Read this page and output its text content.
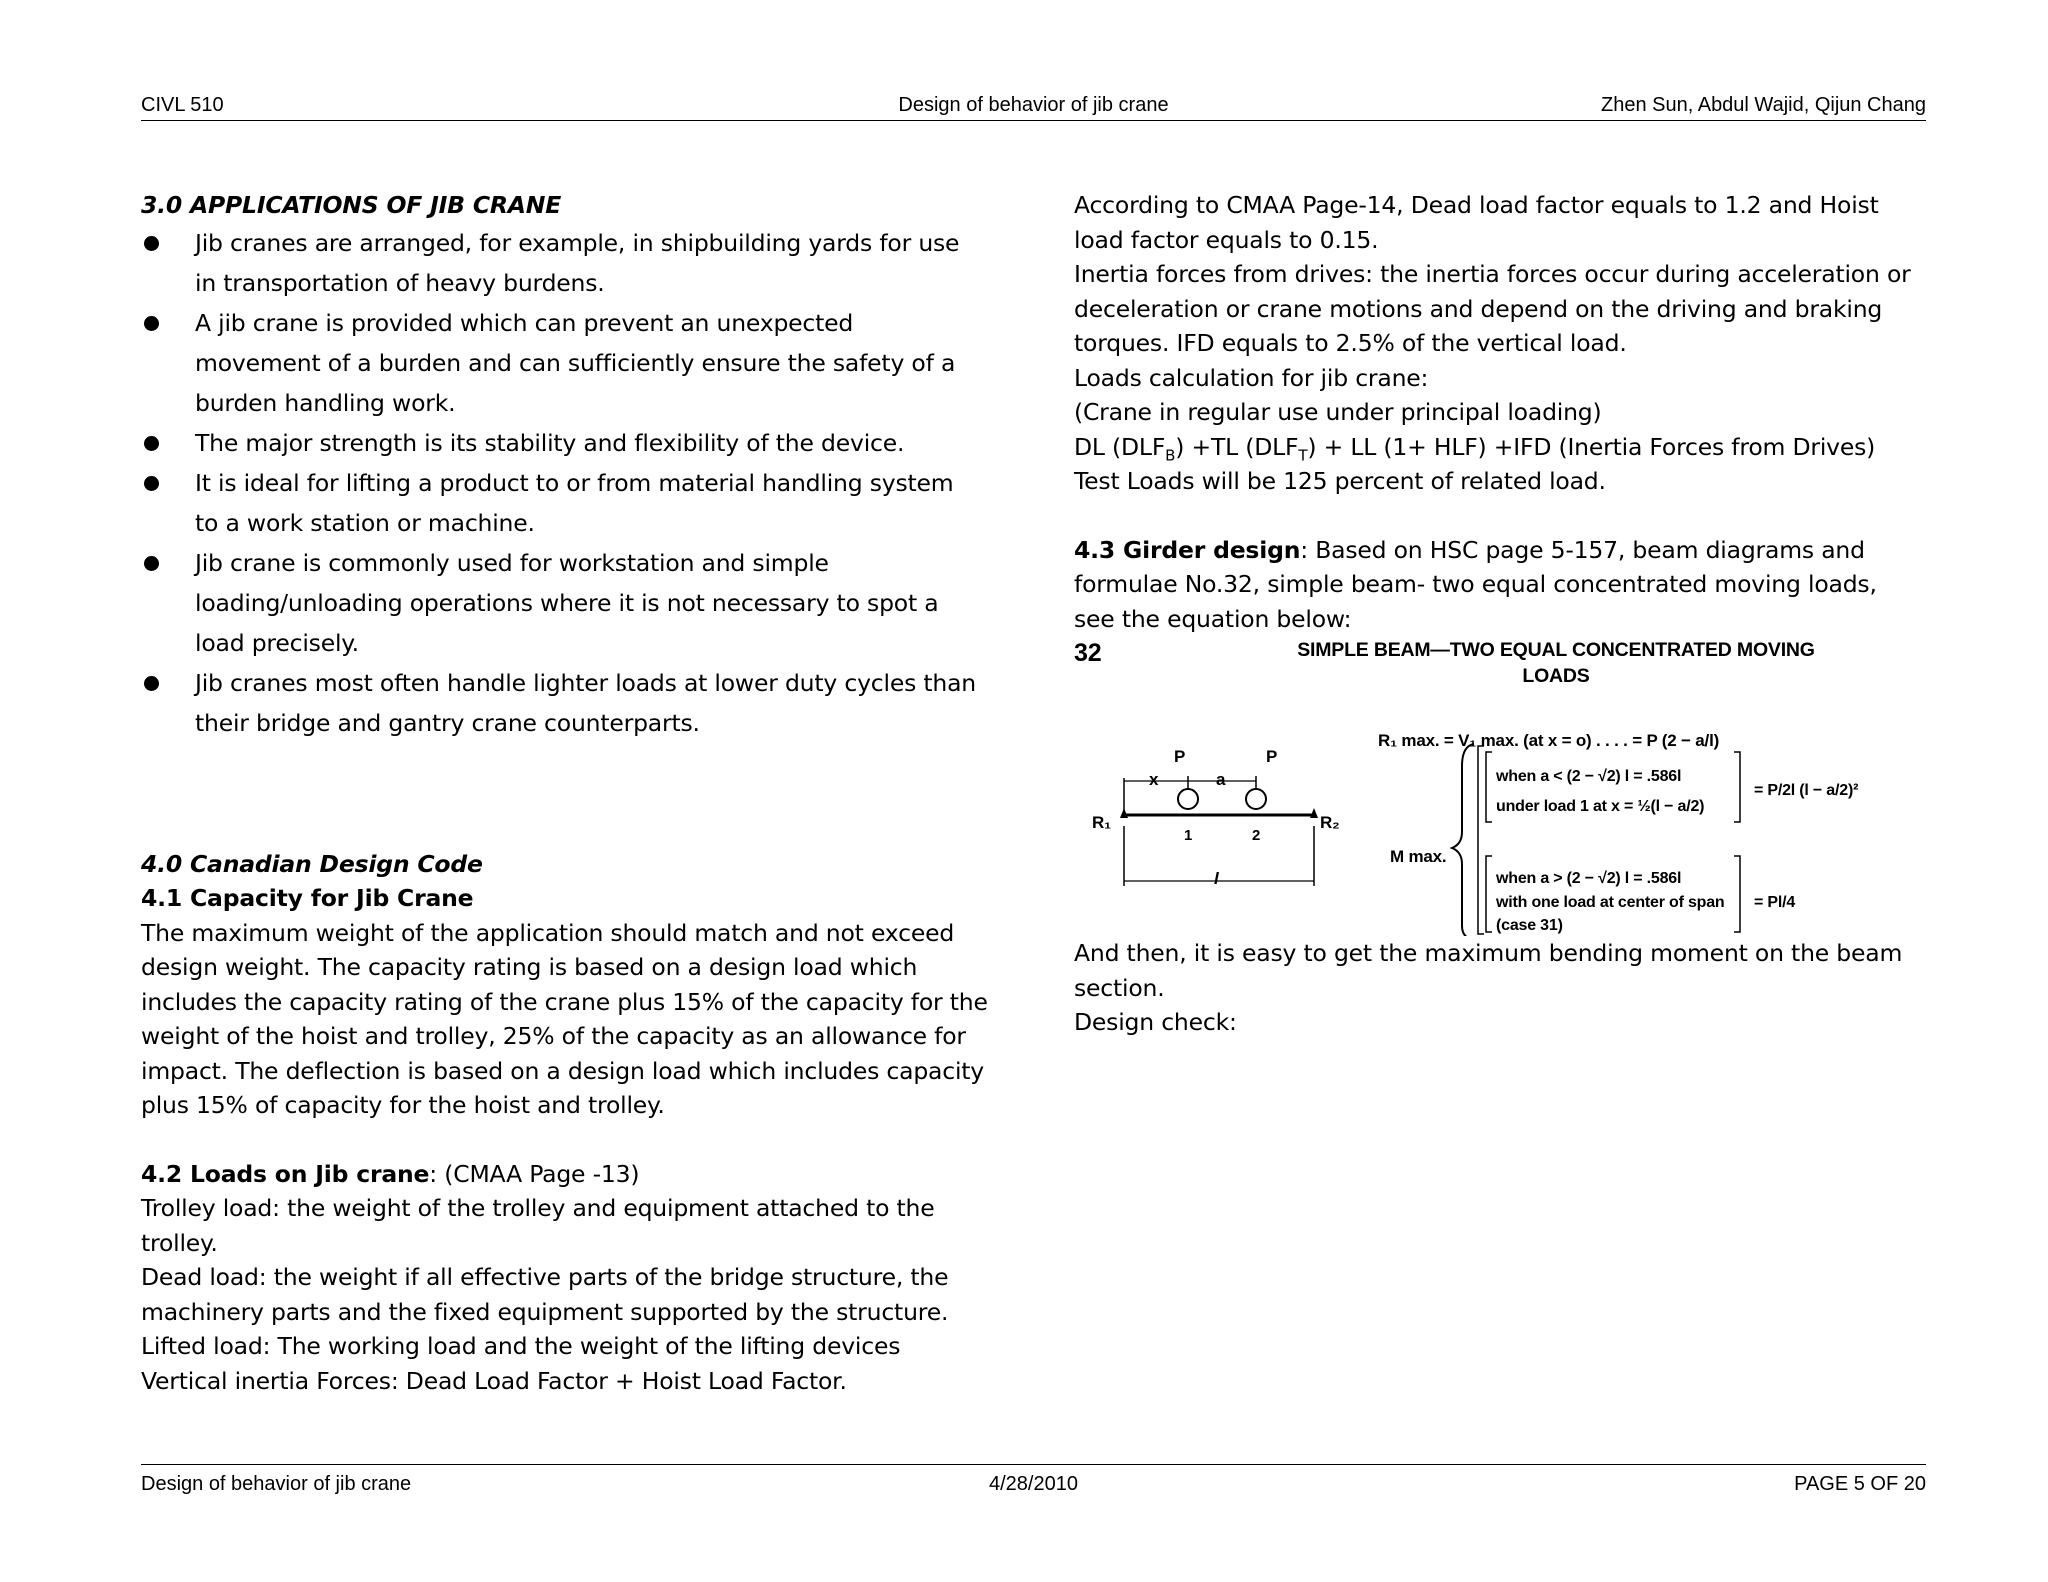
CIVL 510	Design of behavior of jib crane	Zhen Sun, Abdul Wajid, Qijun Chang

3.0 APPLICATIONS OF JIB CRANE

Jib cranes are arranged, for example, in shipbuilding yards for use
in transportation of heavy burdens.
A jib crane is provided which can prevent an unexpected
movement of a burden and can sufficiently ensure the safety of a
burden handling work.
The major strength is its stability and flexibility of the device.
It is ideal for lifting a product to or from material handling system
to a work station or machine.
Jib crane is commonly used for workstation and simple
loading/unloading operations where it is not necessary to spot a
load precisely.
Jib cranes most often handle lighter loads at lower duty cycles than
their bridge and gantry crane counterparts.

4.0 Canadian Design Code

4.1 Capacity for Jib Crane

The maximum weight of the application should match and not exceed

design weight. The capacity rating is based on a design load which

includes the capacity rating of the crane plus 15% of the capacity for the

weight of the hoist and trolley, 25% of the capacity as an allowance for

impact. The deflection is based on a design load which includes capacity

plus 15% of capacity for the hoist and trolley.

4.2 Loads on Jib crane: (CMAA Page -13)

Trolley load: the weight of the trolley and equipment attached to the

trolley.

Dead load: the weight if all effective parts of the bridge structure, the

machinery parts and the fixed equipment supported by the structure.

Lifted load: The working load and the weight of the lifting devices

Vertical inertia Forces: Dead Load Factor + Hoist Load Factor.

According to CMAA Page-14, Dead load factor equals to 1.2 and Hoist

load factor equals to 0.15.

Inertia forces from drives: the inertia forces occur during acceleration or

deceleration or crane motions and depend on the driving and braking

torques. IFD equals to 2.5% of the vertical load.

Loads calculation for jib crane:

(Crane in regular use under principal loading)

DL $(DLF_B) +TL$ $(DLF_T)$ + LL (1+ HLF) +IFD (Inertia Forces from Drives)

Test Loads will be 125 percent of related load.

4.3 Girder design: Based on HSC page 5-157, beam diagrams and

formulae No.32, simple beam- two equal concentrated moving loads,

see the equation below:

32	SIMPLE BEAM—TWO EQUAL CONCENTRATED MOVING
LOADS
P	P
x	a
1	2
R₁	R₂
l
R₁ max. = V₁ max. (at x = o) . . . . = P (2 − a/l)
M max.
when a < (2 − √2) l = .586l
under load 1 at x = ½(l − a/2)
= P/2l (l − a/2)²
when a > (2 − √2) l = .586l
with one load at center of span
(case 31)
= Pl/4

And then, it is easy to get the maximum bending moment on the beam

section.

Design check:

Design of behavior of jib crane	4/28/2010	PAGE 5 OF 20
